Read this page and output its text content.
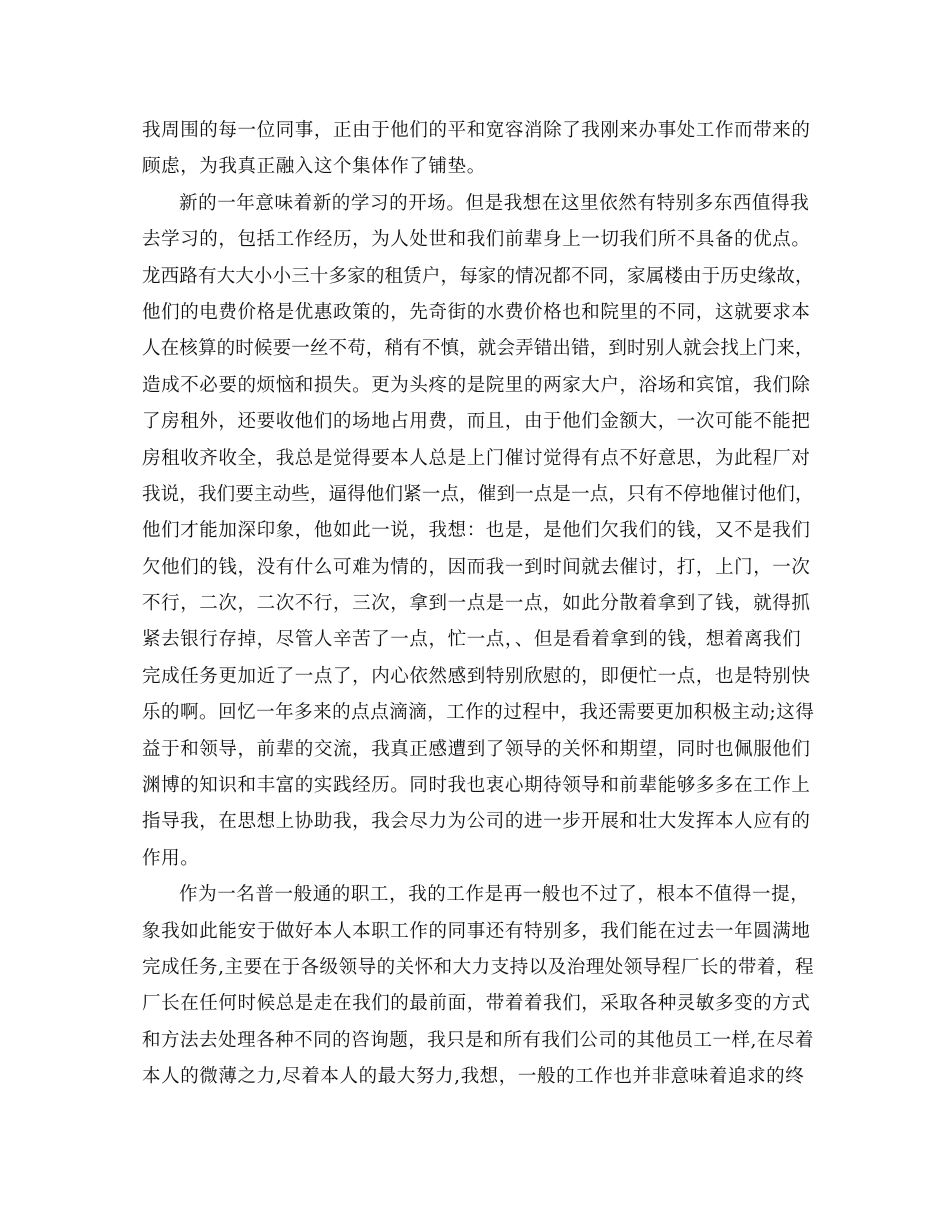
我周围的每一位同事，正由于他们的平和宽容消除了我刚来办事处工作而带来的
顾虑，为我真正融入这个集体作了铺垫。
新的一年意味着新的学习的开场。但是我想在这里依然有特别多东西值得我
去学习的，包括工作经历，为人处世和我们前辈身上一切我们所不具备的优点。
龙西路有大大小小三十多家的租赁户，每家的情况都不同，家属楼由于历史缘故，
他们的电费价格是优惠政策的，先奇街的水费价格也和院里的不同，这就要求本
人在核算的时候要一丝不苟，稍有不慎，就会弄错出错，到时别人就会找上门来，
造成不必要的烦恼和损失。更为头疼的是院里的两家大户，浴场和宾馆，我们除
了房租外，还要收他们的场地占用费，而且，由于他们金额大，一次可能不能把
房租收齐收全，我总是觉得要本人总是上门催讨觉得有点不好意思，为此程厂对
我说，我们要主动些，逼得他们紧一点，催到一点是一点，只有不停地催讨他们，
他们才能加深印象，他如此一说，我想：也是，是他们欠我们的钱，又不是我们
欠他们的钱，没有什么可难为情的，因而我一到时间就去催讨，打，上门，一次
不行，二次，二次不行，三次，拿到一点是一点，如此分散着拿到了钱，就得抓
紧去银行存掉，尽管人辛苦了一点，忙一点，、但是看着拿到的钱，想着离我们
完成任务更加近了一点了，内心依然感到特别欣慰的，即便忙一点，也是特别快
乐的啊。回忆一年多来的点点滴滴，工作的过程中，我还需要更加积极主动;这得
益于和领导，前辈的交流，我真正感遭到了领导的关怀和期望，同时也佩服他们
渊博的知识和丰富的实践经历。同时我也衷心期待领导和前辈能够多多在工作上
指导我，在思想上协助我，我会尽力为公司的进一步开展和壮大发挥本人应有的
作用。
作为一名普一般通的职工，我的工作是再一般也不过了，根本不值得一提，
象我如此能安于做好本人本职工作的同事还有特别多，我们能在过去一年圆满地
完成任务,主要在于各级领导的关怀和大力支持以及治理处领导程厂长的带着，程
厂长在任何时候总是走在我们的最前面，带着着我们，采取各种灵敏多变的方式
和方法去处理各种不同的咨询题，我只是和所有我们公司的其他员工一样,在尽着
本人的微薄之力,尽着本人的最大努力,我想，一般的工作也并非意味着追求的终
